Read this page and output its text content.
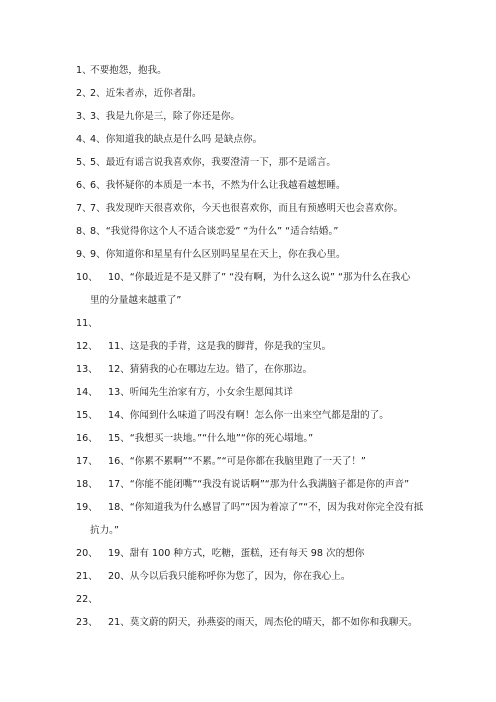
1、
不要抱怨，抱我。
2、
2、近朱者赤，近你者甜。
3、
3、我是九你是三，除了你还是你。
4、
4、你知道我的缺点是什么吗 是缺点你。
5、
5、最近有谣言说我喜欢你，我要澄清一下，那不是谣言。
6、
6、我怀疑你的本质是一本书，不然为什么让我越看越想睡。
7、
7、我发现昨天很喜欢你，今天也很喜欢你，而且有预感明天也会喜欢你。
8、
8、“我觉得你这个人不适合谈恋爱” “为什么” “适合结婚。”
9、
9、你知道你和星星有什么区别吗星星在天上，你在我心里。
10、 10、“你最近是不是又胖了” “没有啊，为什么这么说” “那为什么在我心
里的分量越来越重了”
11、
12、 11、这是我的手背，这是我的脚背，你是我的宝贝。
13、 12、猜猜我的心在哪边左边。错了，在你那边。
14、 13、听闻先生治家有方，小女余生愿闻其详
15、 14、你闻到什么味道了吗没有啊！怎么你一出来空气都是甜的了。
16、 15、“我想买一块地。”“什么地”“你的死心塌地。”
17、 16、“你累不累啊”“不累。”“可是你都在我脑里跑了一天了！”
18、 17、“你能不能闭嘴”“我没有说话啊”“那为什么我满脑子都是你的声音”
19、 18、“你知道我为什么感冒了吗”“因为着凉了”“不，因为我对你完全没有抵
抗力。”
20、 19、甜有 100 种方式，吃糖，蛋糕，还有每天 98 次的想你
21、 20、从今以后我只能称呼你为您了，因为，你在我心上。
22、
23、 21、莫文蔚的阴天，孙燕姿的雨天，周杰伦的晴天，都不如你和我聊天。
